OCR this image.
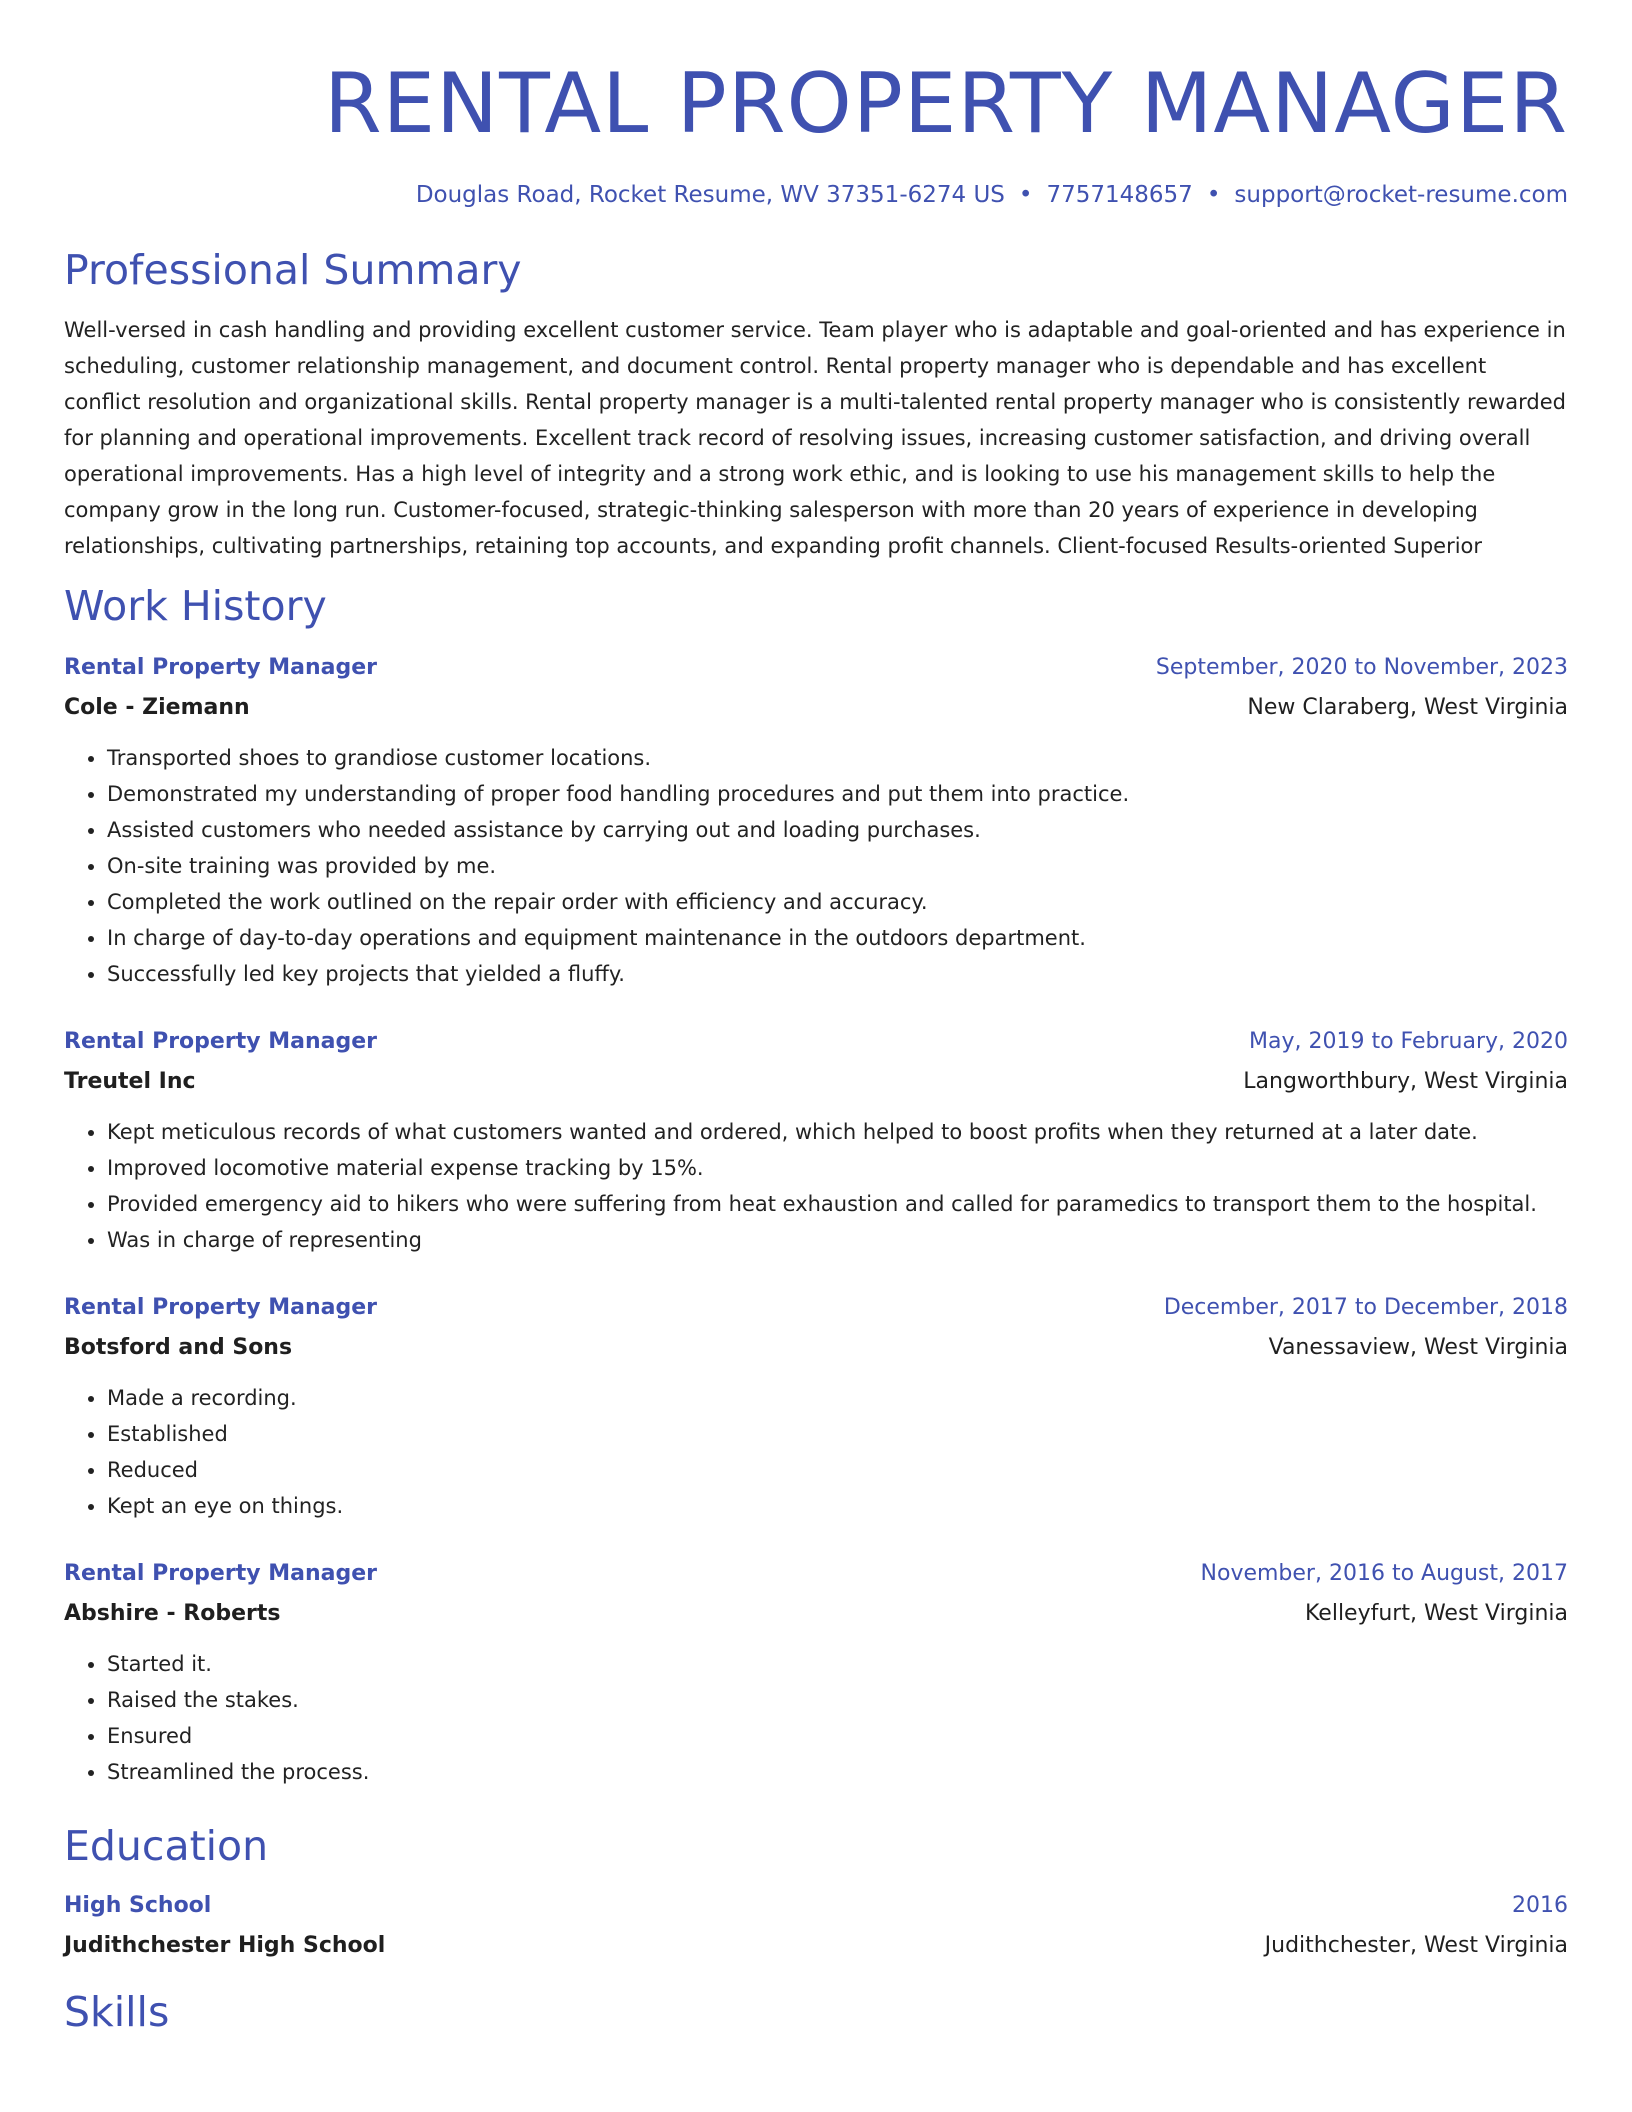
RENTAL PROPERTY MANAGER
Douglas Road, Rocket Resume, WV 37351-6274 US • 7757148657 • support@rocket-resume.com
Professional Summary
Well-versed in cash handling and providing excellent customer service. Team player who is adaptable and goal-oriented and has experience in scheduling, customer relationship management, and document control. Rental property manager who is dependable and has excellent conflict resolution and organizational skills. Rental property manager is a multi-talented rental property manager who is consistently rewarded for planning and operational improvements. Excellent track record of resolving issues, increasing customer satisfaction, and driving overall operational improvements. Has a high level of integrity and a strong work ethic, and is looking to use his management skills to help the company grow in the long run. Customer-focused, strategic-thinking salesperson with more than 20 years of experience in developing relationships, cultivating partnerships, retaining top accounts, and expanding profit channels. Client-focused Results-oriented Superior
Work History
Rental Property Manager	September, 2020 to November, 2023
Cole - Ziemann	New Claraberg, West Virginia
• Transported shoes to grandiose customer locations.
• Demonstrated my understanding of proper food handling procedures and put them into practice.
• Assisted customers who needed assistance by carrying out and loading purchases.
• On-site training was provided by me.
• Completed the work outlined on the repair order with efficiency and accuracy.
• In charge of day-to-day operations and equipment maintenance in the outdoors department.
• Successfully led key projects that yielded a fluffy.
Rental Property Manager	May, 2019 to February, 2020
Treutel Inc	Langworthbury, West Virginia
• Kept meticulous records of what customers wanted and ordered, which helped to boost profits when they returned at a later date.
• Improved locomotive material expense tracking by 15%.
• Provided emergency aid to hikers who were suffering from heat exhaustion and called for paramedics to transport them to the hospital.
• Was in charge of representing
Rental Property Manager	December, 2017 to December, 2018
Botsford and Sons	Vanessaview, West Virginia
• Made a recording.
• Established
• Reduced
• Kept an eye on things.
Rental Property Manager	November, 2016 to August, 2017
Abshire - Roberts	Kelleyfurt, West Virginia
• Started it.
• Raised the stakes.
• Ensured
• Streamlined the process.
Education
High School	2016
Judithchester High School	Judithchester, West Virginia
Skills
